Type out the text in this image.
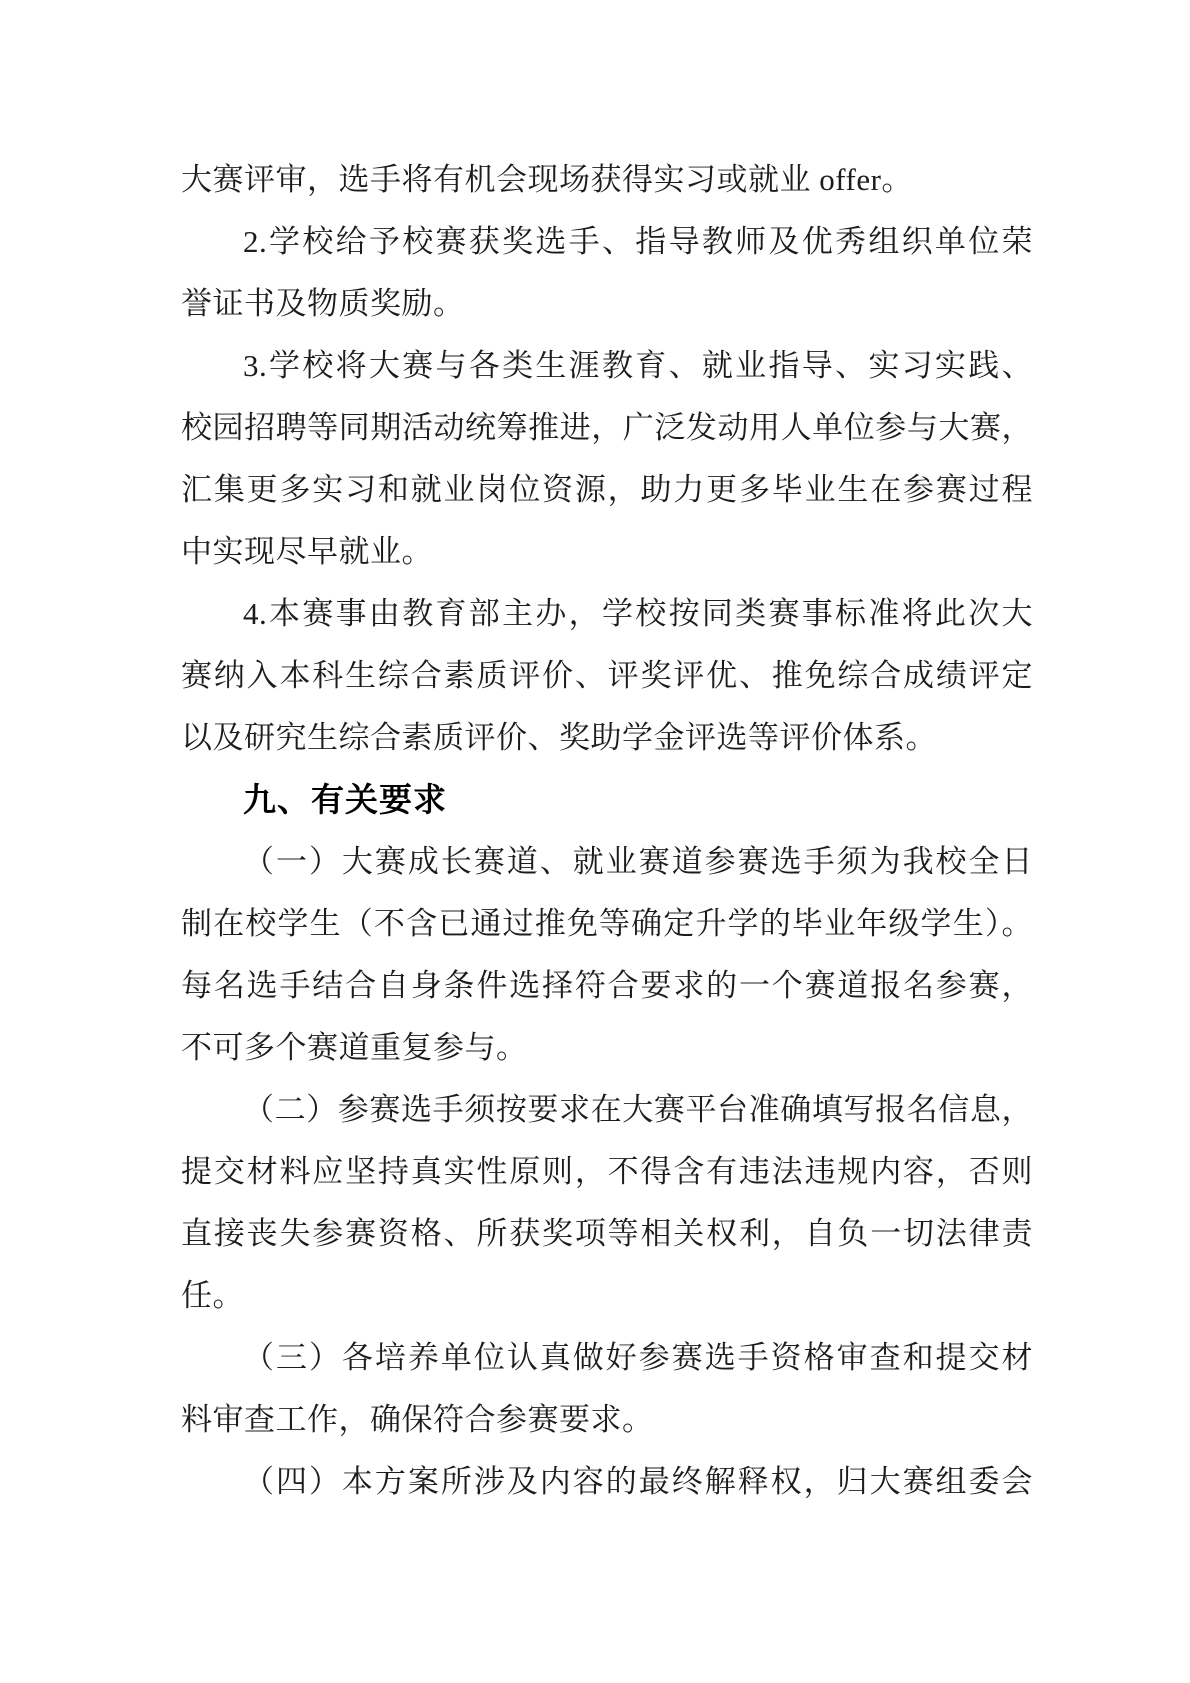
大赛评审，选手将有机会现场获得实习或就业 offer。
2.学校给予校赛获奖选手、指导教师及优秀组织单位荣
誉证书及物质奖励。
3.学校将大赛与各类生涯教育、就业指导、实习实践、
校园招聘等同期活动统筹推进，广泛发动用人单位参与大赛，
汇集更多实习和就业岗位资源，助力更多毕业生在参赛过程
中实现尽早就业。
4.本赛事由教育部主办，学校按同类赛事标准将此次大
赛纳入本科生综合素质评价、评奖评优、推免综合成绩评定
以及研究生综合素质评价、奖助学金评选等评价体系。
九、有关要求
（一）大赛成长赛道、就业赛道参赛选手须为我校全日
制在校学生（不含已通过推免等确定升学的毕业年级学生）。
每名选手结合自身条件选择符合要求的一个赛道报名参赛，
不可多个赛道重复参与。
（二）参赛选手须按要求在大赛平台准确填写报名信息，
提交材料应坚持真实性原则，不得含有违法违规内容，否则
直接丧失参赛资格、所获奖项等相关权利，自负一切法律责
任。
（三）各培养单位认真做好参赛选手资格审查和提交材
料审查工作，确保符合参赛要求。
（四）本方案所涉及内容的最终解释权，归大赛组委会
